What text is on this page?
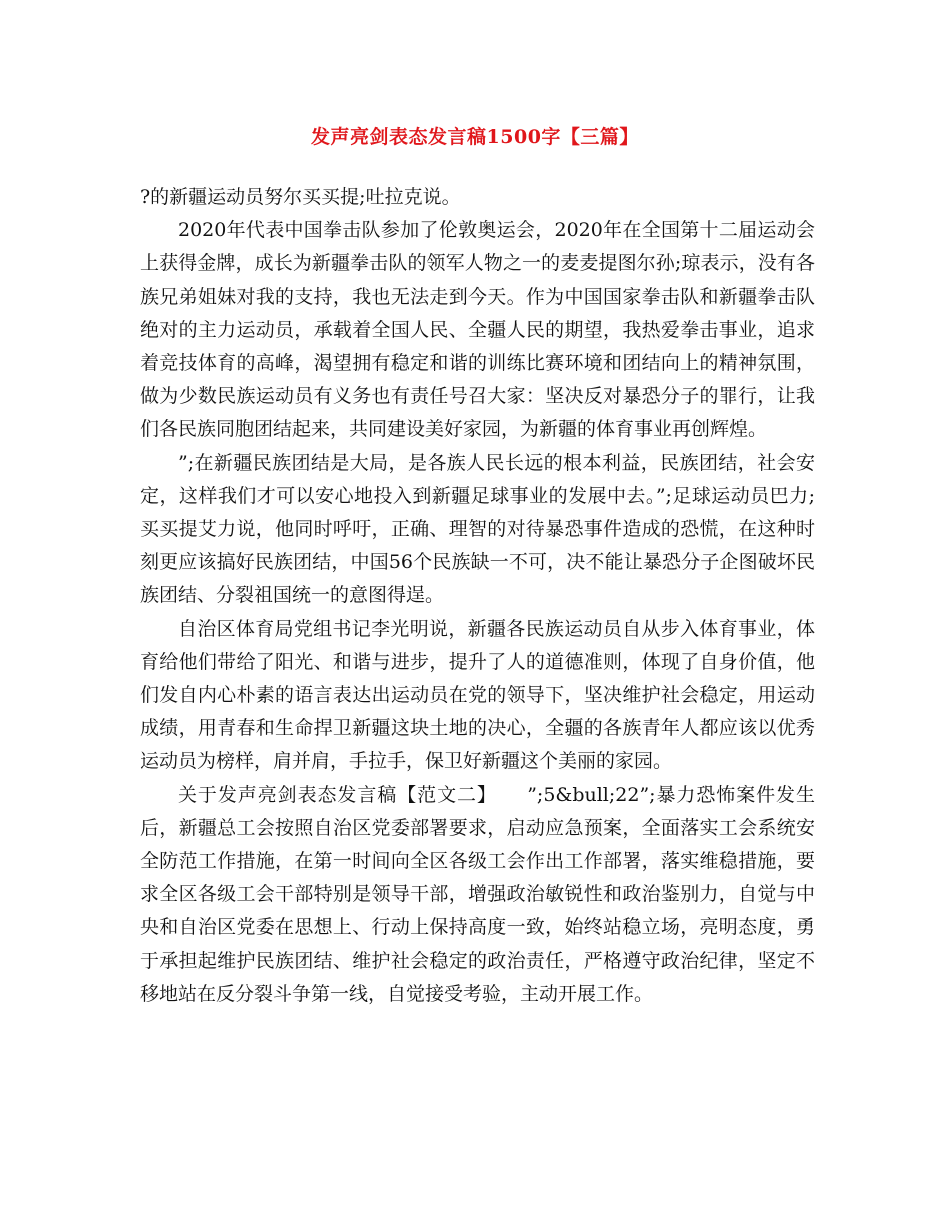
发声亮剑表态发言稿1500字【三篇】

?的新疆运动员努尔买买提;吐拉克说。

2020年代表中国拳击队参加了伦敦奥运会，2020年在全国第十二届运动会上获得金牌，成长为新疆拳击队的领军人物之一的麦麦提图尔孙;琼表示，没有各族兄弟姐妹对我的支持，我也无法走到今天。作为中国国家拳击队和新疆拳击队绝对的主力运动员，承载着全国人民、全疆人民的期望，我热爱拳击事业，追求着竞技体育的高峰，渴望拥有稳定和谐的训练比赛环境和团结向上的精神氛围，做为少数民族运动员有义务也有责任号召大家：坚决反对暴恐分子的罪行，让我们各民族同胞团结起来，共同建设美好家园，为新疆的体育事业再创辉煌。

”;在新疆民族团结是大局，是各族人民长远的根本利益，民族团结，社会安定，这样我们才可以安心地投入到新疆足球事业的发展中去。”;足球运动员巴力;买买提艾力说，他同时呼吁，正确、理智的对待暴恐事件造成的恐慌，在这种时刻更应该搞好民族团结，中国56个民族缺一不可，决不能让暴恐分子企图破坏民族团结、分裂祖国统一的意图得逞。

自治区体育局党组书记李光明说，新疆各民族运动员自从步入体育事业，体育给他们带给了阳光、和谐与进步，提升了人的道德准则，体现了自身价值，他们发自内心朴素的语言表达出运动员在党的领导下，坚决维护社会稳定，用运动成绩，用青春和生命捍卫新疆这块土地的决心，全疆的各族青年人都应该以优秀运动员为榜样，肩并肩，手拉手，保卫好新疆这个美丽的家园。

关于发声亮剑表态发言稿【范文二】　　”;5&bull;22”;暴力恐怖案件发生后，新疆总工会按照自治区党委部署要求，启动应急预案，全面落实工会系统安全防范工作措施，在第一时间向全区各级工会作出工作部署，落实维稳措施，要求全区各级工会干部特别是领导干部，增强政治敏锐性和政治鉴别力，自觉与中央和自治区党委在思想上、行动上保持高度一致，始终站稳立场，亮明态度，勇于承担起维护民族团结、维护社会稳定的政治责任，严格遵守政治纪律，坚定不移地站在反分裂斗争第一线，自觉接受考验，主动开展工作。
